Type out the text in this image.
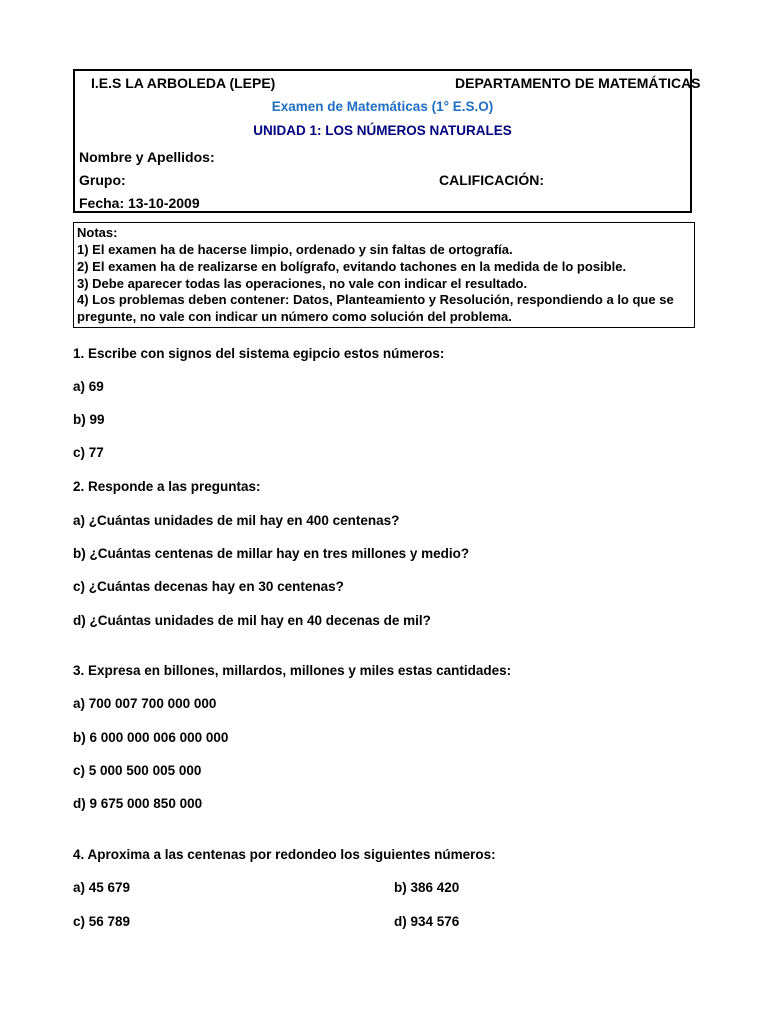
I.E.S LA ARBOLEDA (LEPE)	DEPARTAMENTO DE MATEMÁTICAS
Examen de Matemáticas (1° E.S.O)
UNIDAD 1: LOS NÚMEROS NATURALES
Nombre y Apellidos:
Grupo:	CALIFICACIÓN:
Fecha: 13-10-2009
Notas:
1) El examen ha de hacerse limpio, ordenado y sin faltas de ortografía.
2) El examen ha de realizarse en bolígrafo, evitando tachones en la medida de lo posible.
3) Debe aparecer todas las operaciones, no vale con indicar el resultado.
4) Los problemas deben contener: Datos, Planteamiento y Resolución, respondiendo a lo que se
pregunte, no vale con indicar un número como solución del problema.
1. Escribe con signos del sistema egipcio estos números:
a) 69
b) 99
c) 77
2. Responde a las preguntas:
a) ¿Cuántas unidades de mil hay en 400 centenas?
b) ¿Cuántas centenas de millar hay en tres millones y medio?
c) ¿Cuántas decenas hay en 30 centenas?
d) ¿Cuántas unidades de mil hay en 40 decenas de mil?
3. Expresa en billones, millardos, millones y miles estas cantidades:
a) 700 007 700 000 000
b) 6 000 000 006 000 000
c) 5 000 500 005 000
d) 9 675 000 850 000
4. Aproxima a las centenas por redondeo los siguientes números:
a) 45 679	b) 386 420
c) 56 789	d) 934 576
